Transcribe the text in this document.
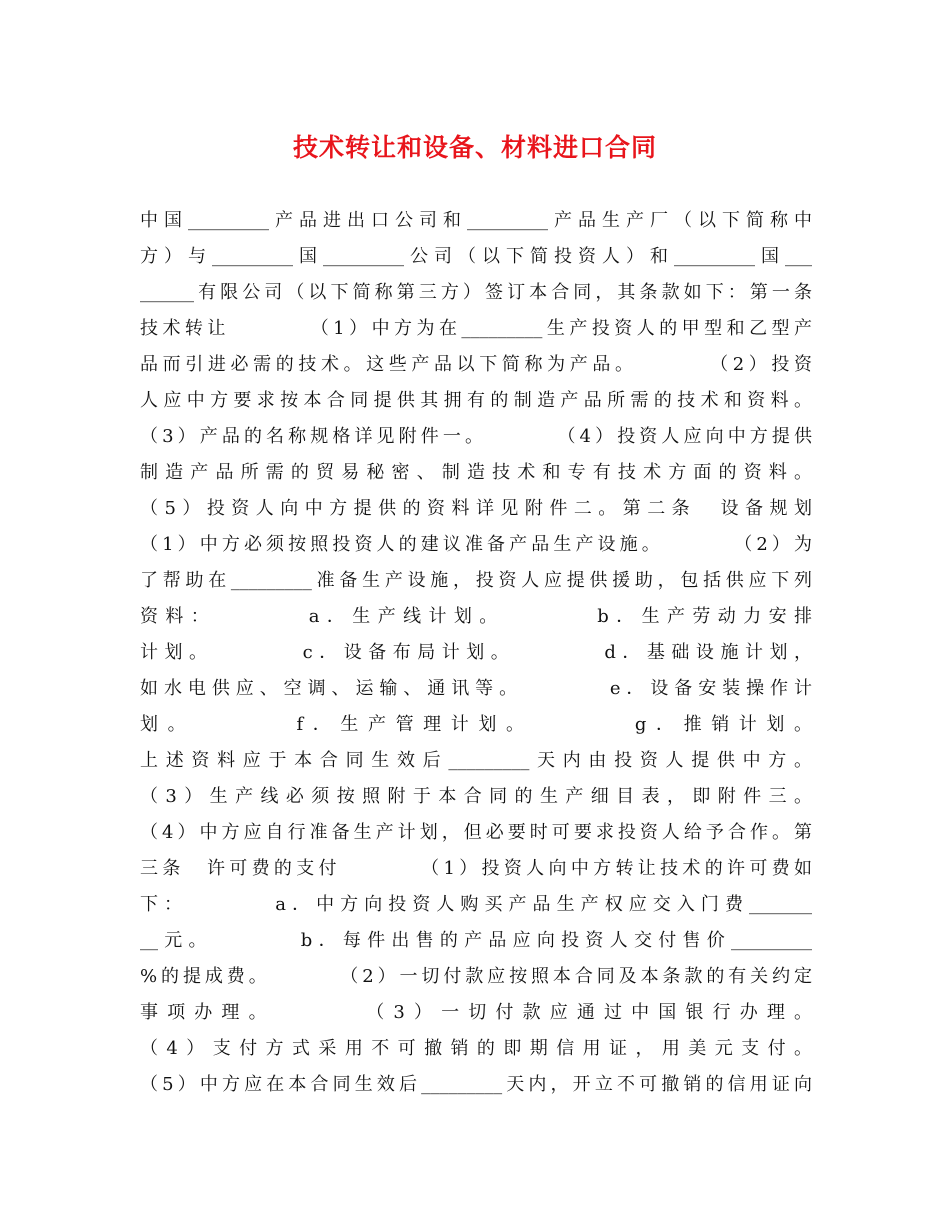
技术转让和设备、材料进口合同
中国_________产品进出口公司和_________产品生产厂（以下简称中
方）与_________国_________公司（以下简投资人）和_________国___
______有限公司（以下简称第三方）签订本合同，其条款如下：第一条
技术转让　　　　（1）中方为在_________生产投资人的甲型和乙型产
品而引进必需的技术。这些产品以下简称为产品。　　　　（2）投资
人应中方要求按本合同提供其拥有的制造产品所需的技术和资料。
（3）产品的名称规格详见附件一。　　　　（4）投资人应向中方提供
制造产品所需的贸易秘密、制造技术和专有技术方面的资料。
（5）投资人向中方提供的资料详见附件二。第二条　设备规划
（1）中方必须按照投资人的建议准备产品生产设施。　　　　（2）为
了帮助在_________准备生产设施，投资人应提供援助，包括供应下列
资料：　　　　a．生产线计划。　　　　b．生产劳动力安排
计划。　　　　c．设备布局计划。　　　　d．基础设施计划，
如水电供应、空调、运输、通讯等。　　　　e．设备安装操作计
划。　　　　f．生产管理计划。　　　　g．推销计划。
上述资料应于本合同生效后_________天内由投资人提供中方。
（3）生产线必须按照附于本合同的生产细目表，即附件三。
（4）中方应自行准备生产计划，但必要时可要求投资人给予合作。第
三条　许可费的支付　　　　（1）投资人向中方转让技术的许可费如
下：　　　　a．中方向投资人购买产品生产权应交入门费_______
__元。　　　　b．每件出售的产品应向投资人交付售价_________
%的提成费。　　　　（2）一切付款应按照本合同及本条款的有关约定
事项办理。　　　　（3）一切付款应通过中国银行办理。
（4）支付方式采用不可撤销的即期信用证，用美元支付。
（5）中方应在本合同生效后_________天内，开立不可撤销的信用证向
